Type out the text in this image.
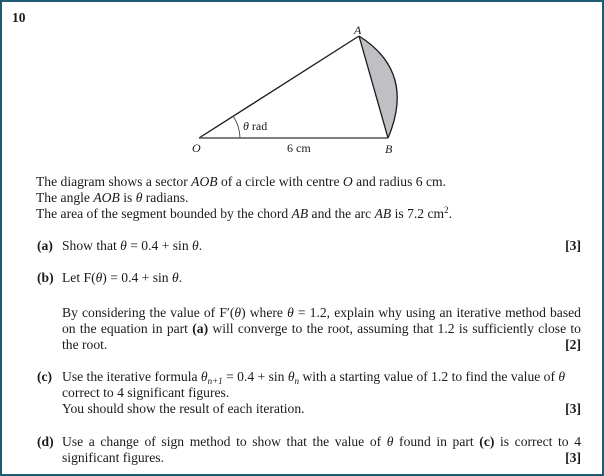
10
A
O	B
θ rad
6 cm
The diagram shows a sector AOB of a circle with centre O and radius 6 cm.
The angle AOB is θ radians.
The area of the segment bounded by the chord AB and the arc AB is 7.2 $cm^2$.
(a) Show that θ = 0.4 + sin θ.	[3]
(b) Let F(θ) = 0.4 + sin θ.
By considering the value of F′(θ) where θ = 1.2, explain why using an iterative method based
on the equation in part (a) will converge to the root, assuming that 1.2 is sufficiently close to
the root.	[2]
(c) Use the iterative formula $\theta_{n+1} = 0.4 + \sin \theta_n$ with a starting value of 1.2 to find the value of θ
correct to 4 significant figures.
You should show the result of each iteration.	[3]
(d) Use a change of sign method to show that the value of θ found in part (c) is correct to 4
significant figures.	[3]
